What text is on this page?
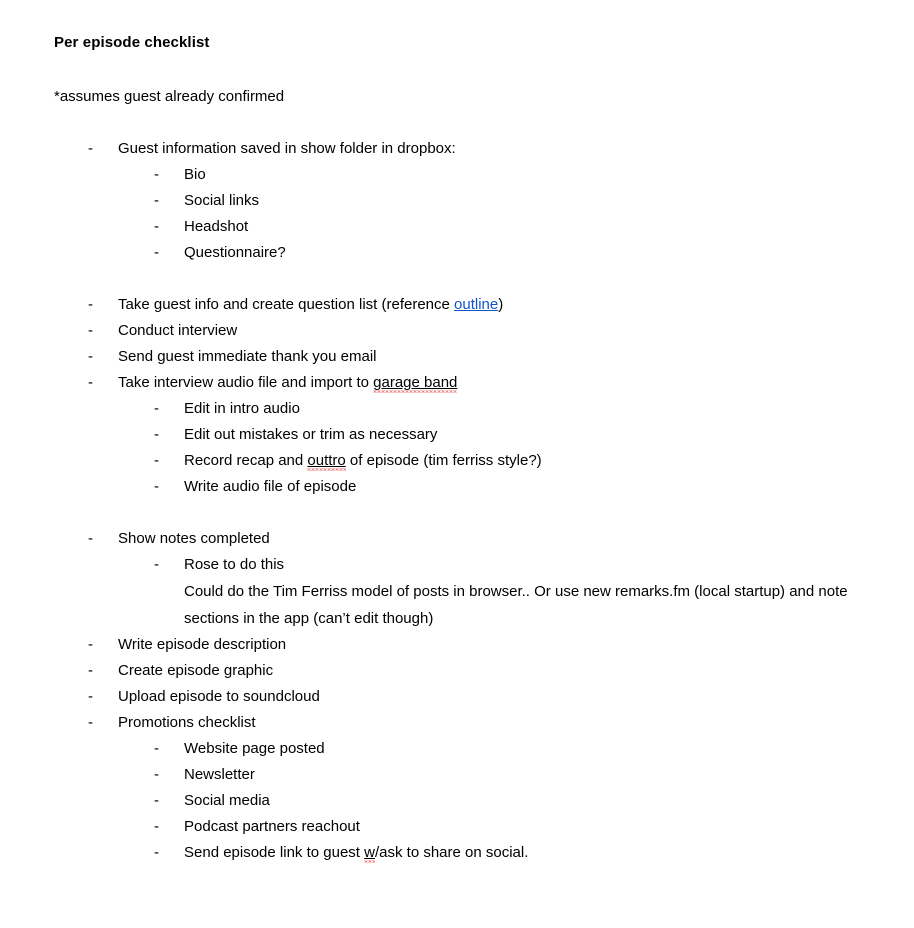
Per episode checklist

*assumes guest already confirmed

-	Guest information saved in show folder in dropbox:
-	Bio
-	Social links
-	Headshot
-	Questionnaire?
-	Take guest info and create question list (reference outline)
-	Conduct interview
-	Send guest immediate thank you email
-	Take interview audio file and import to garage band
-	Edit in intro audio
-	Edit out mistakes or trim as necessary
-	Record recap and outtro of episode (tim ferriss style?)
-	Write audio file of episode
-	Show notes completed
-	Rose to do this
Could do the Tim Ferriss model of posts in browser.. Or use new remarks.fm (local startup) and note sections in the app (can’t edit though)
-	Write episode description
-	Create episode graphic
-	Upload episode to soundcloud
-	Promotions checklist
-	Website page posted
-	Newsletter
-	Social media
-	Podcast partners reachout
-	Send episode link to guest w/ask to share on social.
